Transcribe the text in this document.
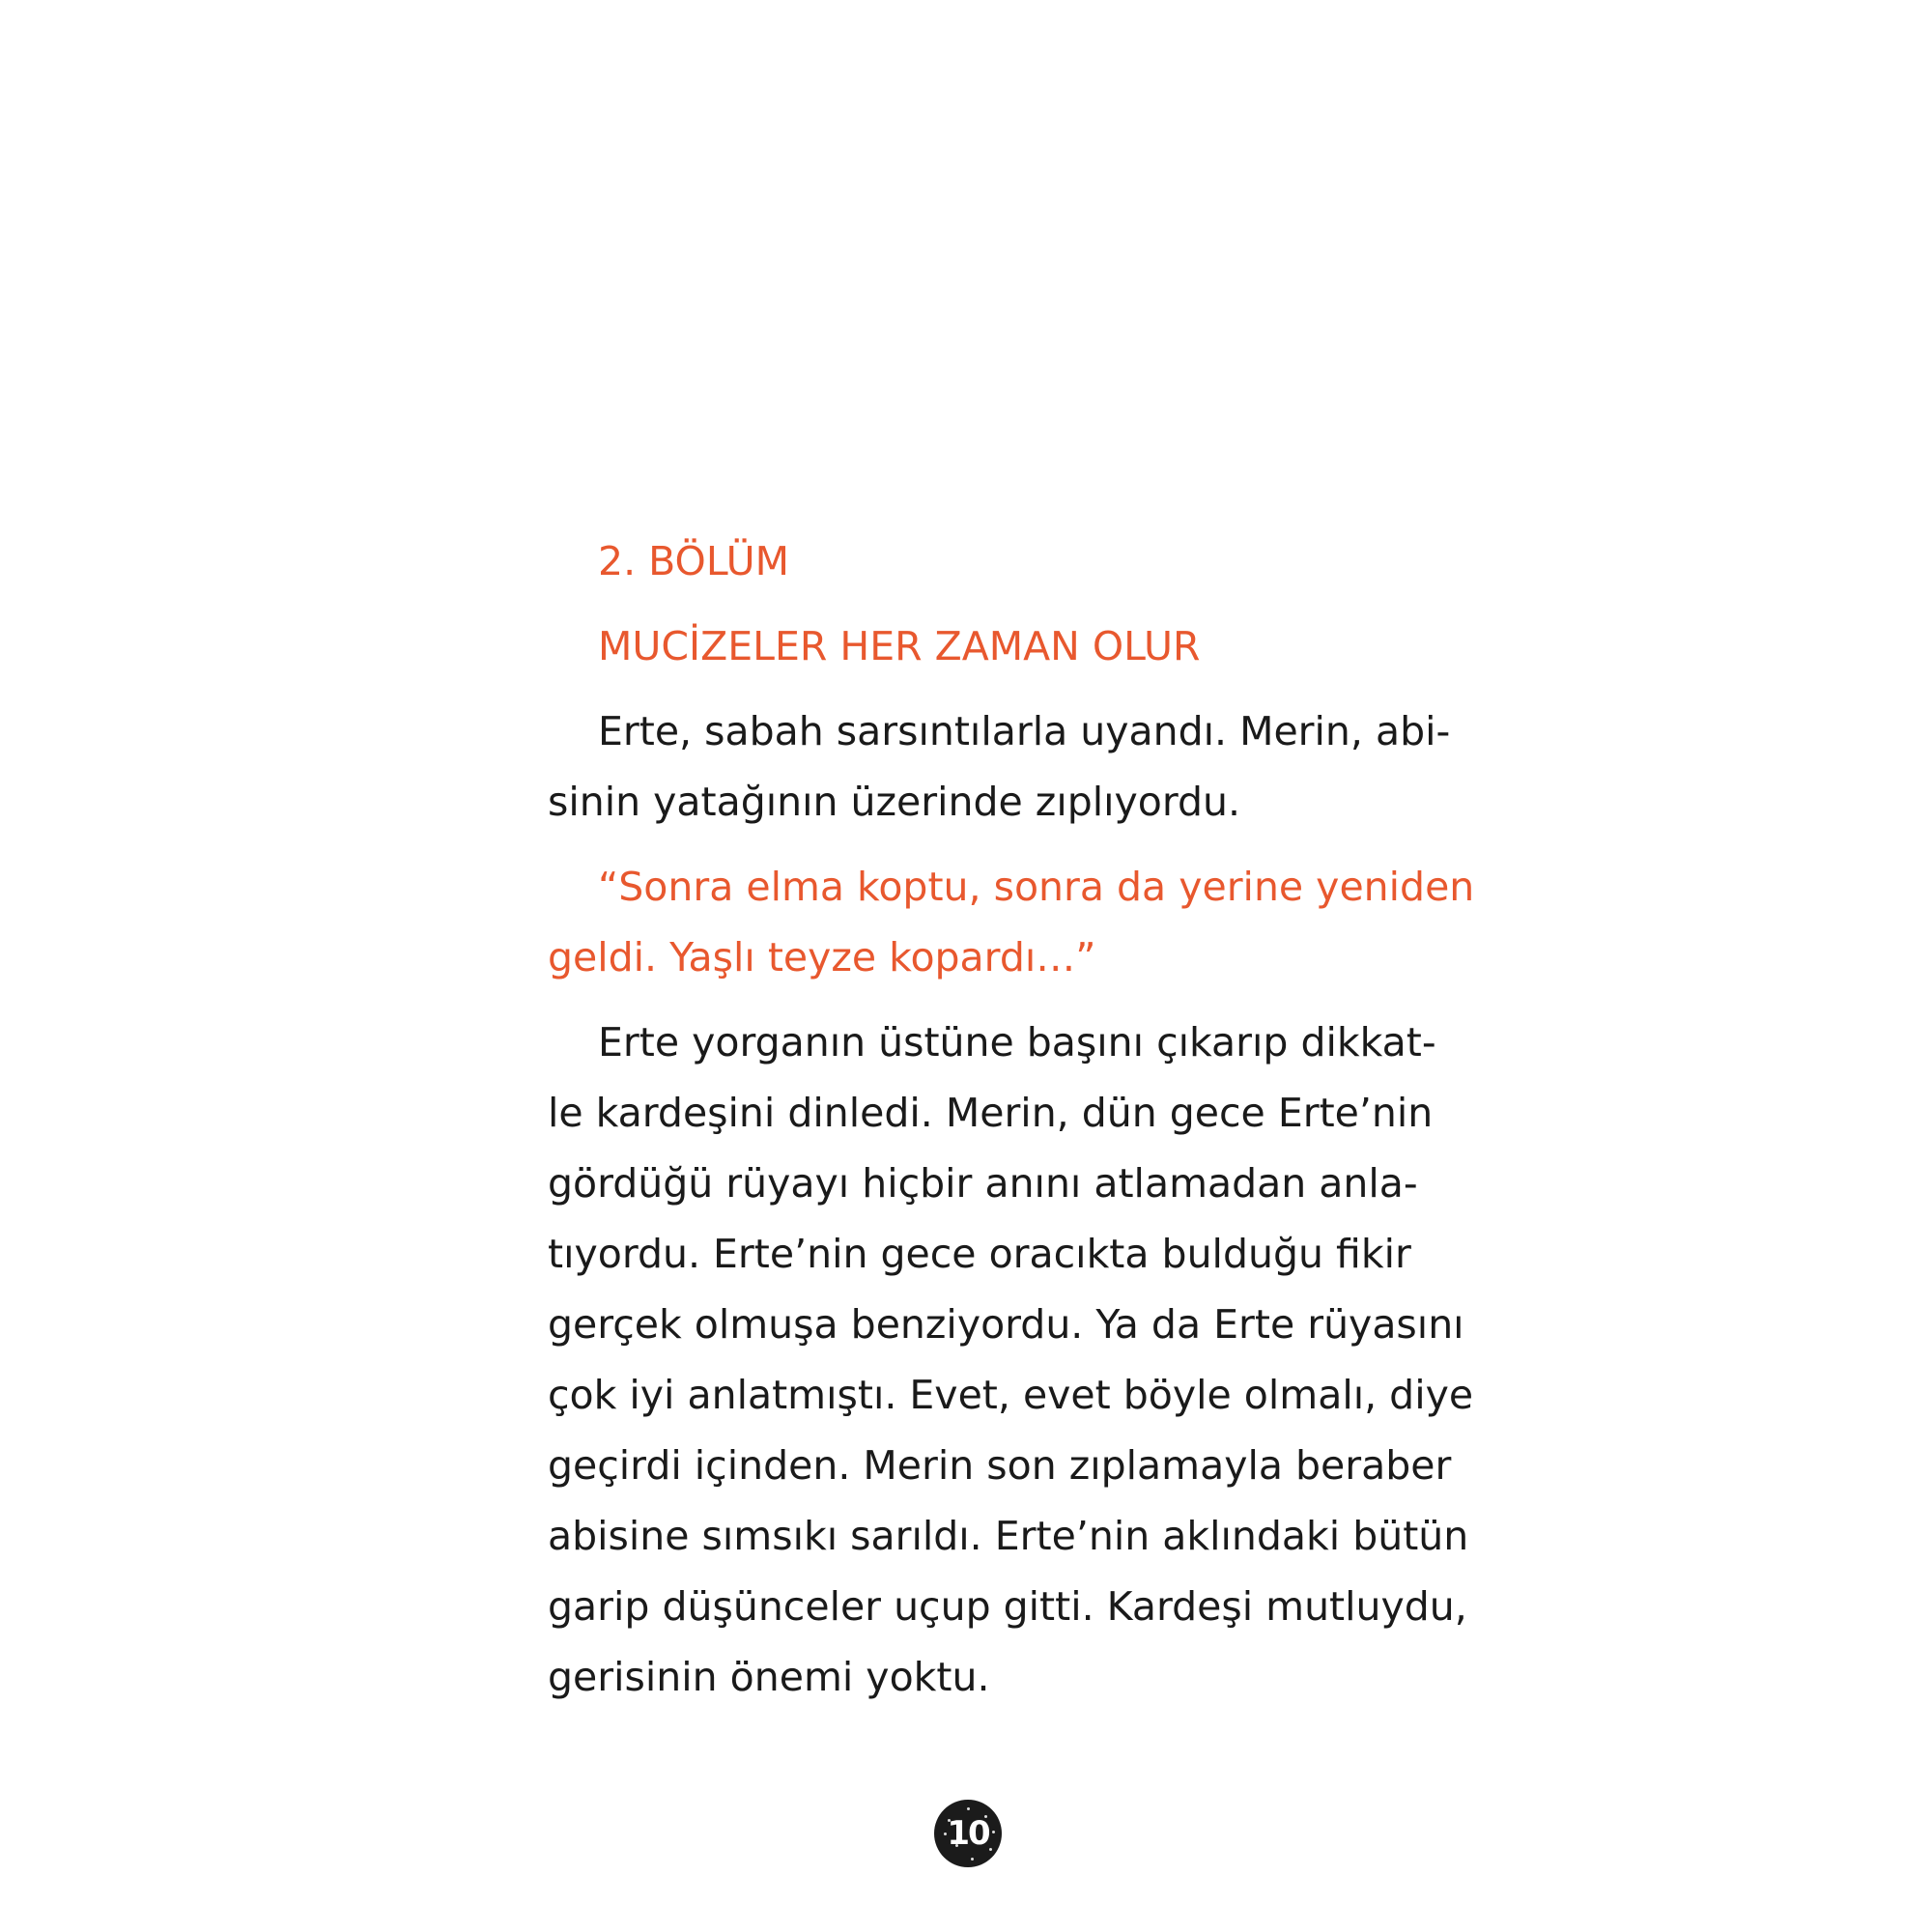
2. BÖLÜM
MUCİZELER HER ZAMAN OLUR
Erte, sabah sarsıntılarla uyandı. Merin, abi-
sinin yatağının üzerinde zıplıyordu.
“Sonra elma koptu, sonra da yerine yeniden
geldi. Yaşlı teyze kopardı…”
Erte yorganın üstüne başını çıkarıp dikkat-
le kardeşini dinledi. Merin, dün gece Erte’nin
gördüğü rüyayı hiçbir anını atlamadan anla-
tıyordu. Erte’nin gece oracıkta bulduğu fikir
gerçek olmuşa benziyordu. Ya da Erte rüyasını
çok iyi anlatmıştı. Evet, evet böyle olmalı, diye
geçirdi içinden. Merin son zıplamayla beraber
abisine sımsıkı sarıldı. Erte’nin aklındaki bütün
garip düşünceler uçup gitti. Kardeşi mutluydu,
gerisinin önemi yoktu.
10
